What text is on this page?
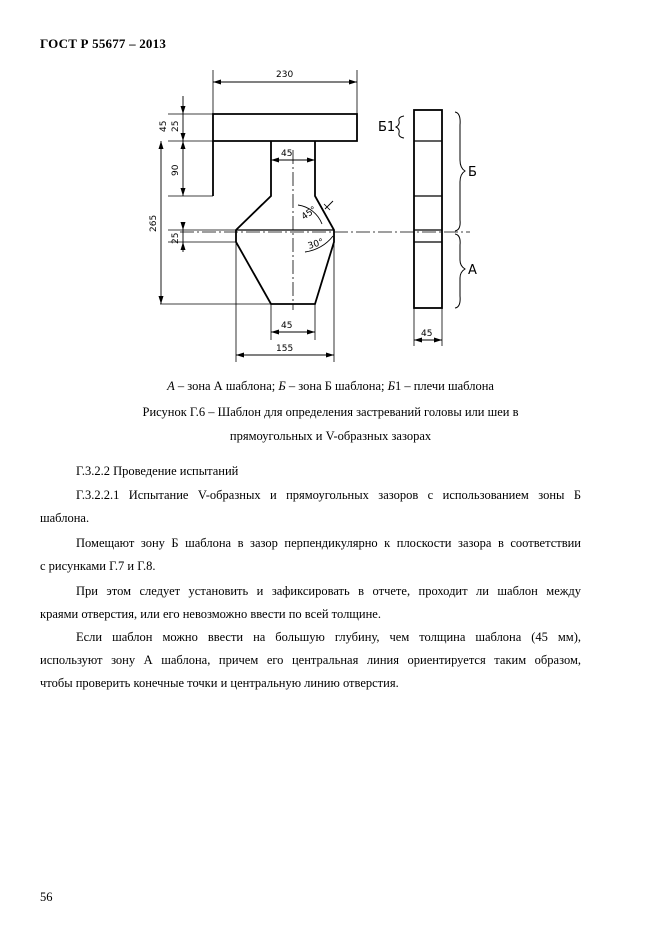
ГОСТ Р 55677 – 2013
230
25
45
90
265
25
45
45
155
45
45°
30°
Б1
Б
А
А – зона А шаблона; Б – зона Б шаблона; Б1 – плечи шаблона
Рисунок Г.6 – Шаблон для определения застреваний головы или шеи в
прямоугольных и V-образных зазорах
Г.3.2.2 Проведение испытаний
Г.3.2.2.1 Испытание V-образных и прямоугольных зазоров с использованием зоны Б
шаблона.
Помещают зону Б шаблона в зазор перпендикулярно к плоскости зазора в соответствии
с рисунками Г.7 и Г.8.
При этом следует установить и зафиксировать в отчете, проходит ли шаблон между
краями отверстия, или его невозможно ввести по всей толщине.
Если шаблон можно ввести на большую глубину, чем толщина шаблона (45 мм),
используют зону А шаблона, причем его центральная линия ориентируется таким образом,
чтобы проверить конечные точки и центральную линию отверстия.
56
